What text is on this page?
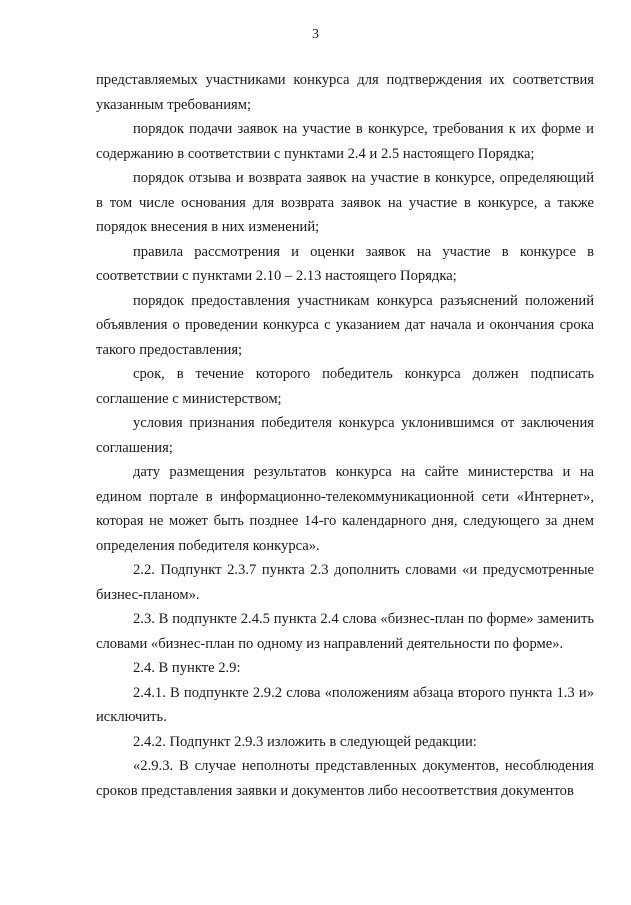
3

представляемых участниками конкурса для подтверждения их соответствия указанным требованиям;

порядок подачи заявок на участие в конкурсе, требования к их форме и содержанию в соответствии с пунктами 2.4 и 2.5 настоящего Порядка;

порядок отзыва и возврата заявок на участие в конкурсе, определяющий в том числе основания для возврата заявок на участие в конкурсе, а также порядок внесения в них изменений;

правила рассмотрения и оценки заявок на участие в конкурсе в соответствии с пунктами 2.10 – 2.13 настоящего Порядка;

порядок предоставления участникам конкурса разъяснений положений объявления о проведении конкурса с указанием дат начала и окончания срока такого предоставления;

срок, в течение которого победитель конкурса должен подписать соглашение с министерством;

условия признания победителя конкурса уклонившимся от заключения соглашения;

дату размещения результатов конкурса на сайте министерства и на едином портале в информационно-телекоммуникационной сети «Интернет», которая не может быть позднее 14-го календарного дня, следующего за днем определения победителя конкурса».

2.2. Подпункт 2.3.7 пункта 2.3 дополнить словами «и предусмотренные бизнес-планом».

2.3. В подпункте 2.4.5 пункта 2.4 слова «бизнес-план по форме» заменить словами «бизнес-план по одному из направлений деятельности по форме».

2.4. В пункте 2.9:

2.4.1. В подпункте 2.9.2 слова «положениям абзаца второго пункта 1.3 и» исключить.

2.4.2. Подпункт 2.9.3 изложить в следующей редакции:

«2.9.3. В случае неполноты представленных документов, несоблюдения сроков представления заявки и документов либо несоответствия документов
